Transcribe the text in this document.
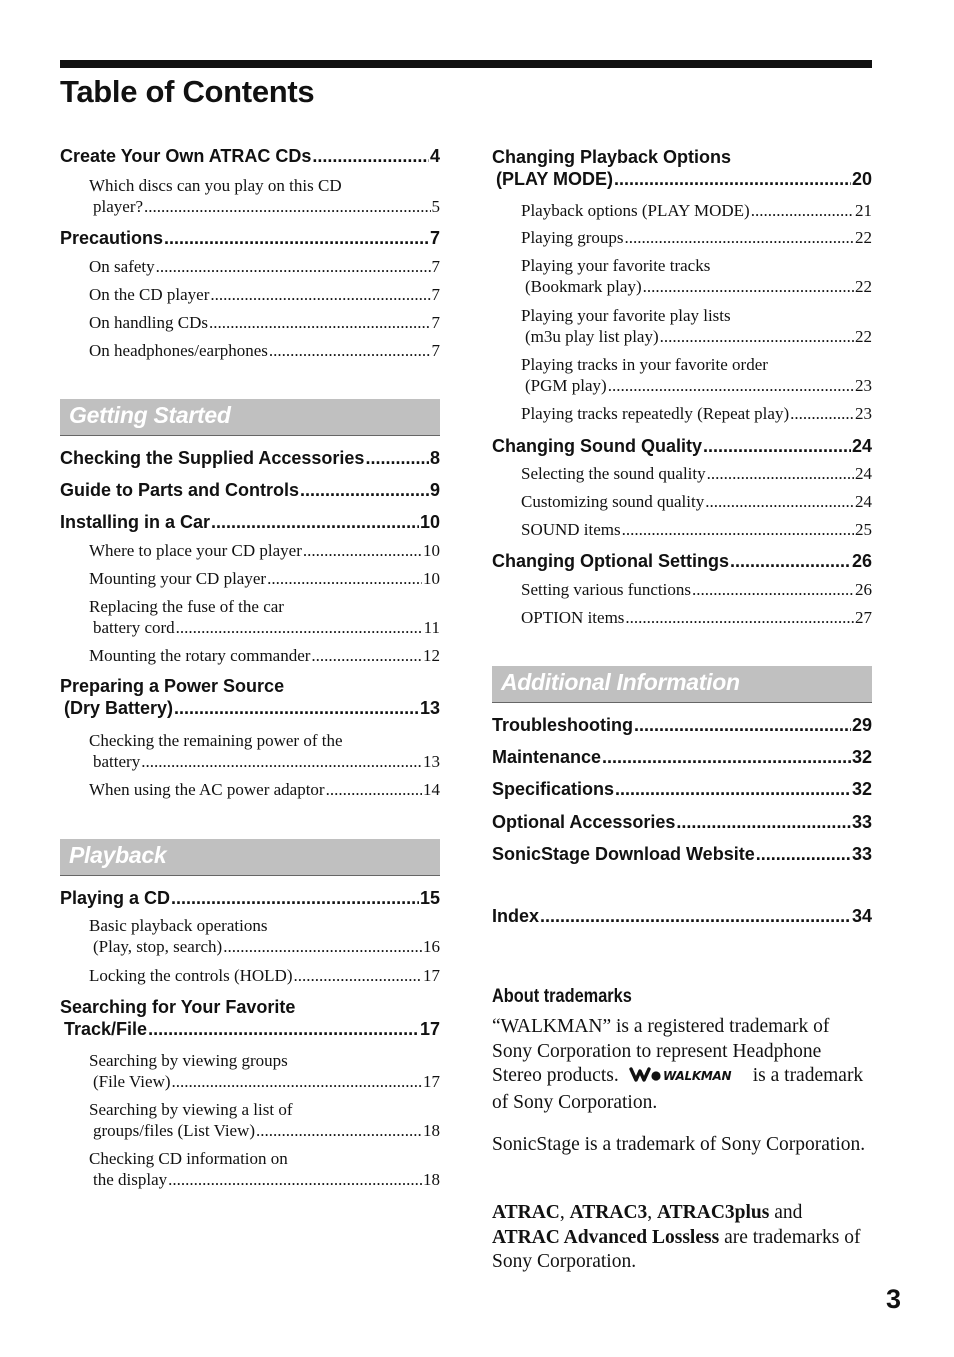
Table of Contents
Create Your Own ATRAC CDs .....	4
Which discs can you play on this CD
player? .....	5
Precautions .....	7
On safety .....	7
On the CD player .....	7
On handling CDs .....	7
On headphones/earphones .....	7
Getting Started
Checking the Supplied Accessories .....	8
Guide to Parts and Controls .....	9
Installing in a Car .....	10
Where to place your CD player .....	10
Mounting your CD player .....	10
Replacing the fuse of the car
battery cord .....	11
Mounting the rotary commander .....	12
Preparing a Power Source
(Dry Battery) .....	13
Checking the remaining power of the
battery .....	13
When using the AC power adaptor .....	14
Playback
Playing a CD .....	15
Basic playback operations
(Play, stop, search) .....	16
Locking the controls (HOLD) .....	17
Searching for Your Favorite
Track/File .....	17
Searching by viewing groups
(File View) .....	17
Searching by viewing a list of
groups/files (List View) .....	18
Checking CD information on
the display .....	18
Changing Playback Options
(PLAY MODE) .....	20
Playback options (PLAY MODE) .....	21
Playing groups .....	22
Playing your favorite tracks
(Bookmark play) .....	22
Playing your favorite play lists
(m3u play list play) .....	22
Playing tracks in your favorite order
(PGM play) .....	23
Playing tracks repeatedly (Repeat play) .....	23
Changing Sound Quality .....	24
Selecting the sound quality .....	24
Customizing sound quality .....	24
SOUND items .....	25
Changing Optional Settings .....	26
Setting various functions .....	26
OPTION items .....	27
Additional Information
Troubleshooting .....	29
Maintenance .....	32
Specifications .....	32
Optional Accessories .....	33
SonicStage Download Website .....	33
Index .....	34
About trademarks

“WALKMAN” is a registered trademark of Sony Corporation to represent Headphone Stereo products.	WALKMAN is a trademark of Sony Corporation.

SonicStage is a trademark of Sony Corporation.

ATRAC, ATRAC3, ATRAC3plus and ATRAC Advanced Lossless are trademarks of Sony Corporation.

3
